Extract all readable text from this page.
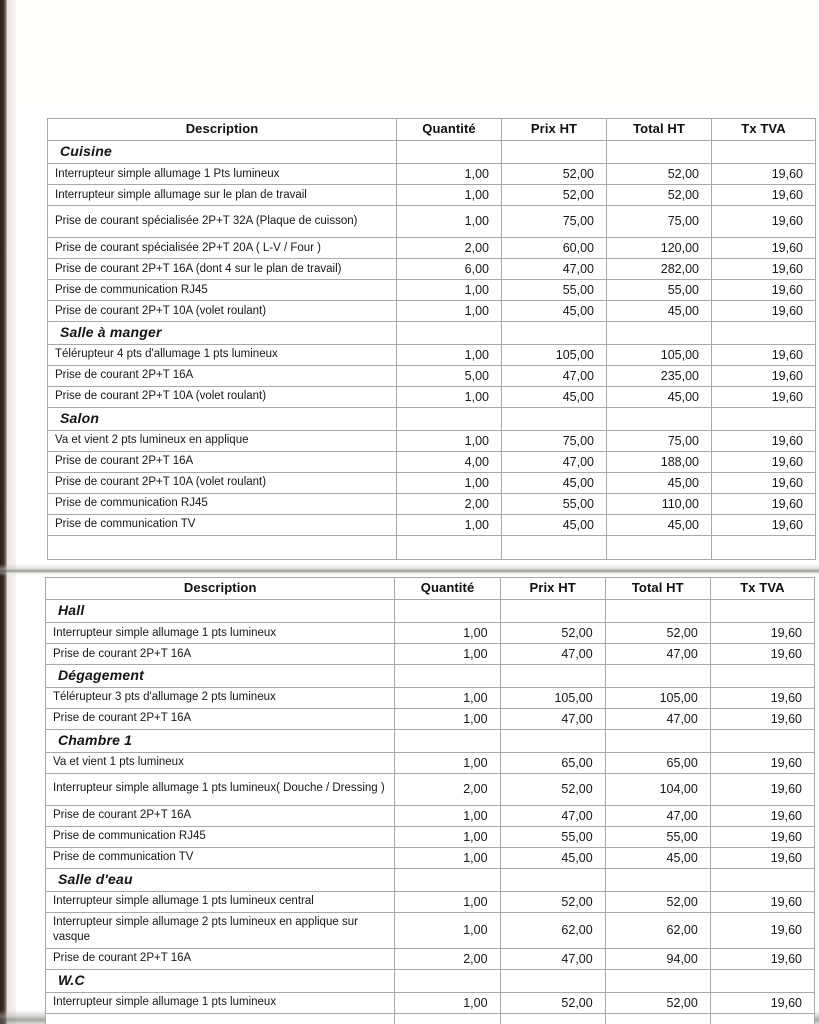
Description	Quantité	Prix HT	Total HT	Tx TVA
Cuisine				
Interrupteur simple allumage 1 Pts lumineux	1,00	52,00	52,00	19,60
Interrupteur simple allumage sur le plan de travail	1,00	52,00	52,00	19,60
Prise de courant spécialisée 2P+T 32A (Plaque de cuisson)	1,00	75,00	75,00	19,60
Prise de courant spécialisée 2P+T 20A ( L-V / Four )	2,00	60,00	120,00	19,60
Prise de courant 2P+T 16A (dont 4 sur le plan de travail)	6,00	47,00	282,00	19,60
Prise de communication RJ45	1,00	55,00	55,00	19,60
Prise de courant 2P+T 10A (volet roulant)	1,00	45,00	45,00	19,60
Salle à manger				
Télérupteur 4 pts d'allumage 1 pts lumineux	1,00	105,00	105,00	19,60
Prise de courant 2P+T 16A	5,00	47,00	235,00	19,60
Prise de courant 2P+T 10A (volet roulant)	1,00	45,00	45,00	19,60
Salon				
Va et vient 2 pts lumineux en applique	1,00	75,00	75,00	19,60
Prise de courant 2P+T 16A	4,00	47,00	188,00	19,60
Prise de courant 2P+T 10A (volet roulant)	1,00	45,00	45,00	19,60
Prise de communication RJ45	2,00	55,00	110,00	19,60
Prise de communication TV	1,00	45,00	45,00	19,60

Description	Quantité	Prix HT	Total HT	Tx TVA
Hall				
Interrupteur simple allumage 1 pts lumineux	1,00	52,00	52,00	19,60
Prise de courant 2P+T 16A	1,00	47,00	47,00	19,60
Dégagement				
Télérupteur 3 pts d'allumage 2 pts lumineux	1,00	105,00	105,00	19,60
Prise de courant 2P+T 16A	1,00	47,00	47,00	19,60
Chambre 1				
Va et vient 1 pts lumineux	1,00	65,00	65,00	19,60
Interrupteur simple allumage 1 pts lumineux( Douche / Dressing )	2,00	52,00	104,00	19,60
Prise de courant 2P+T 16A	1,00	47,00	47,00	19,60
Prise de communication RJ45	1,00	55,00	55,00	19,60
Prise de communication TV	1,00	45,00	45,00	19,60
Salle d'eau				
Interrupteur simple allumage 1 pts lumineux central	1,00	52,00	52,00	19,60
Interrupteur simple allumage 2 pts lumineux en applique sur vasque	1,00	62,00	62,00	19,60
Prise de courant 2P+T 16A	2,00	47,00	94,00	19,60
W.C				
Interrupteur simple allumage 1 pts lumineux	1,00	52,00	52,00	19,60
